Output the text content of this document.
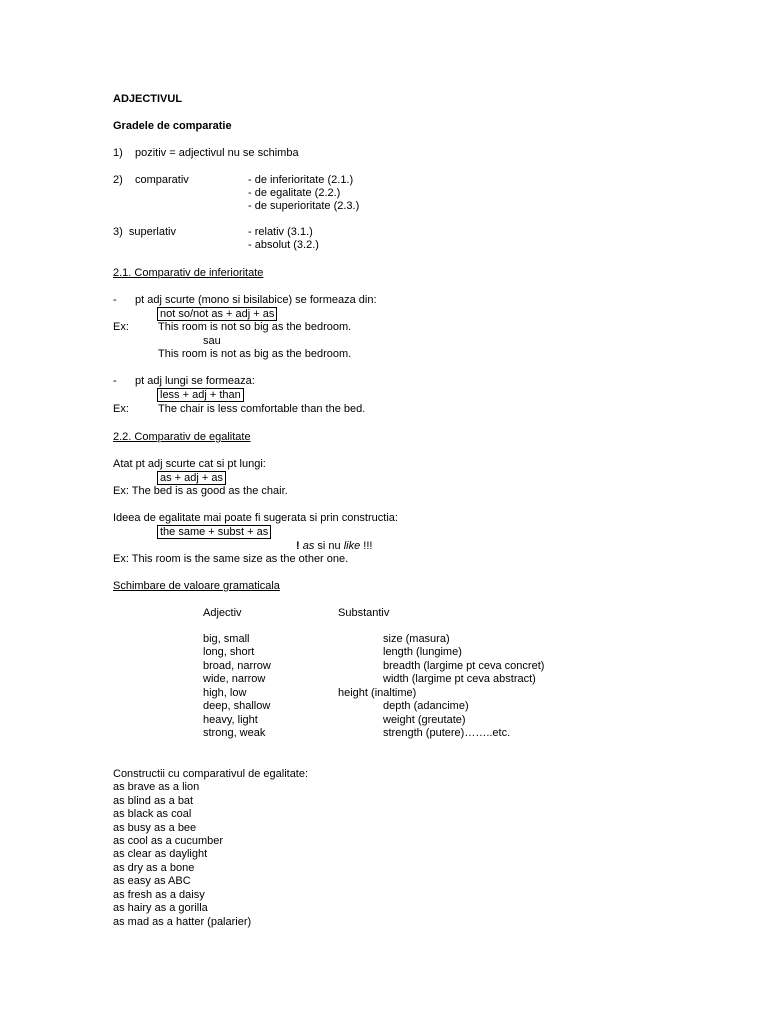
ADJECTIVUL
Gradele de comparatie
1) pozitiv = adjectivul nu se schimba
2) comparativ	- de inferioritate (2.1.)
- de egalitate (2.2.)
- de superioritate (2.3.)
3)  superlativ	- relativ (3.1.)
- absolut (3.2.)
2.1. Comparativ de inferioritate
- pt adj scurte (mono si bisilabice) se formeaza din:
not so/not as + adj + as
Ex:	This room is not so big as the bedroom.
sau
This room is not as big as the bedroom.
- pt adj lungi se formeaza:
less + adj + than
Ex:	The chair is less comfortable than the bed.
2.2. Comparativ de egalitate
Atat pt adj scurte cat si pt lungi:
as + adj + as
Ex: The bed is as good as the chair.
Ideea de egalitate mai poate fi sugerata si prin constructia:
the same + subst + as
! as si nu like !!!
Ex: This room is the same size as the other one.
Schimbare de valoare gramaticala
Adjectiv	Substantiv
big, small	size (masura)
long, short	length (lungime)
broad, narrow	breadth (largime pt ceva concret)
wide, narrow	width (largime pt ceva abstract)
high, low	height (inaltime)
deep, shallow	depth (adancime)
heavy, light	weight (greutate)
strong, weak	strength (putere)……..etc.
Constructii cu comparativul de egalitate:
as brave as a lion
as blind as a bat
as black as coal
as busy as a bee
as cool as a cucumber
as clear as daylight
as dry as a bone
as easy as ABC
as fresh as a daisy
as hairy as a gorilla
as mad as a hatter (palarier)
